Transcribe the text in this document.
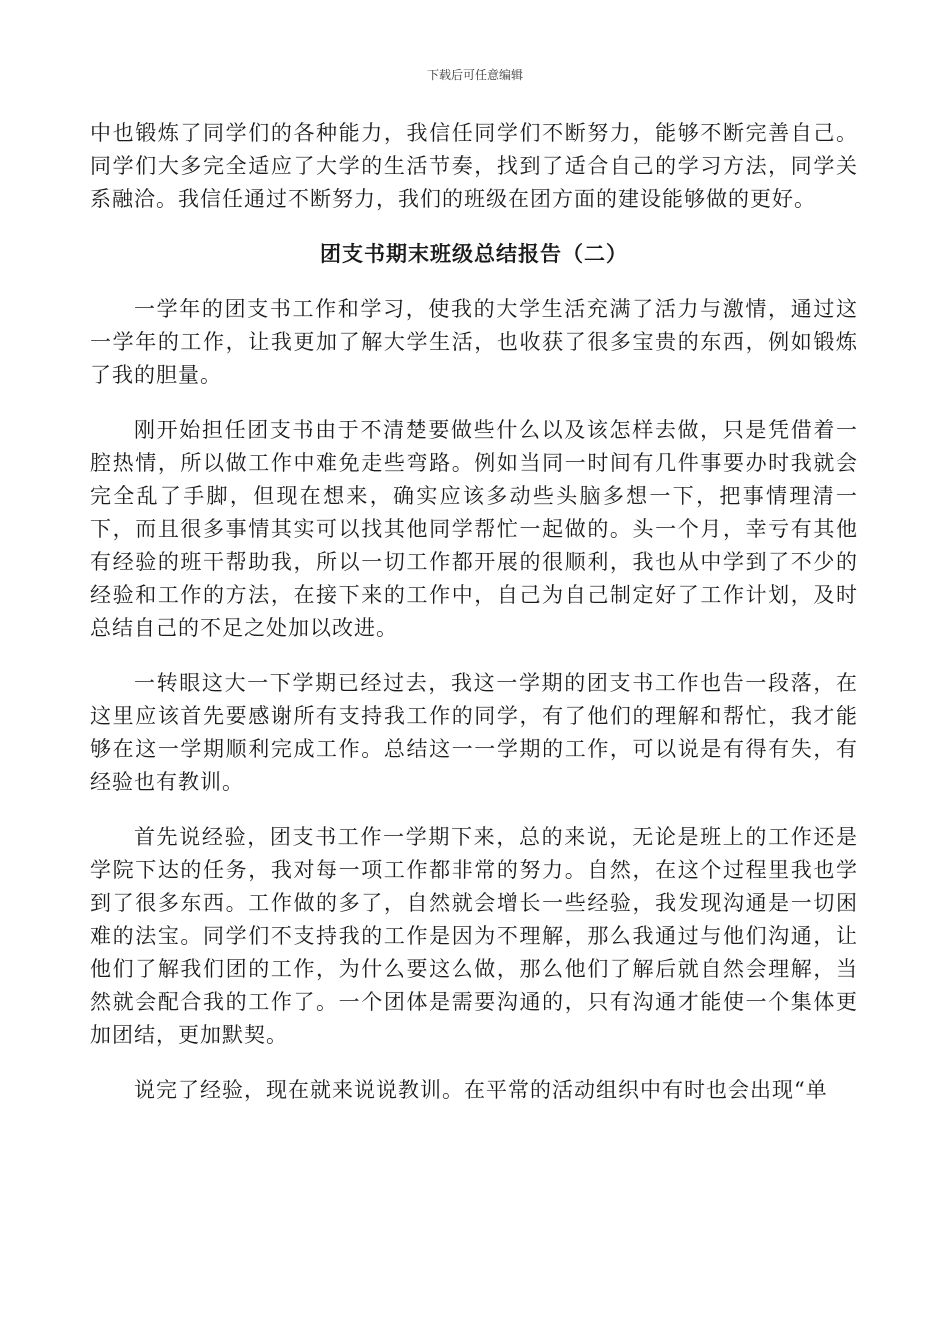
下载后可任意编辑

中也锻炼了同学们的各种能力，我信任同学们不断努力，能够不断完善自己。同学们大多完全适应了大学的生活节奏，找到了适合自己的学习方法，同学关系融洽。我信任通过不断努力，我们的班级在团方面的建设能够做的更好。

团支书期末班级总结报告（二）

一学年的团支书工作和学习，使我的大学生活充满了活力与激情，通过这一学年的工作，让我更加了解大学生活，也收获了很多宝贵的东西，例如锻炼了我的胆量。

刚开始担任团支书由于不清楚要做些什么以及该怎样去做，只是凭借着一腔热情，所以做工作中难免走些弯路。例如当同一时间有几件事要办时我就会完全乱了手脚，但现在想来，确实应该多动些头脑多想一下，把事情理清一下，而且很多事情其实可以找其他同学帮忙一起做的。头一个月，幸亏有其他有经验的班干帮助我，所以一切工作都开展的很顺利，我也从中学到了不少的经验和工作的方法，在接下来的工作中，自己为自己制定好了工作计划，及时总结自己的不足之处加以改进。

一转眼这大一下学期已经过去，我这一学期的团支书工作也告一段落，在这里应该首先要感谢所有支持我工作的同学，有了他们的理解和帮忙，我才能够在这一学期顺利完成工作。总结这一一学期的工作，可以说是有得有失，有经验也有教训。

首先说经验，团支书工作一学期下来，总的来说，无论是班上的工作还是学院下达的任务，我对每一项工作都非常的努力。自然，在这个过程里我也学到了很多东西。工作做的多了，自然就会增长一些经验，我发现沟通是一切困难的法宝。同学们不支持我的工作是因为不理解，那么我通过与他们沟通，让他们了解我们团的工作，为什么要这么做，那么他们了解后就自然会理解，当然就会配合我的工作了。一个团体是需要沟通的，只有沟通才能使一个集体更加团结，更加默契。

说完了经验，现在就来说说教训。在平常的活动组织中有时也会出现“单
